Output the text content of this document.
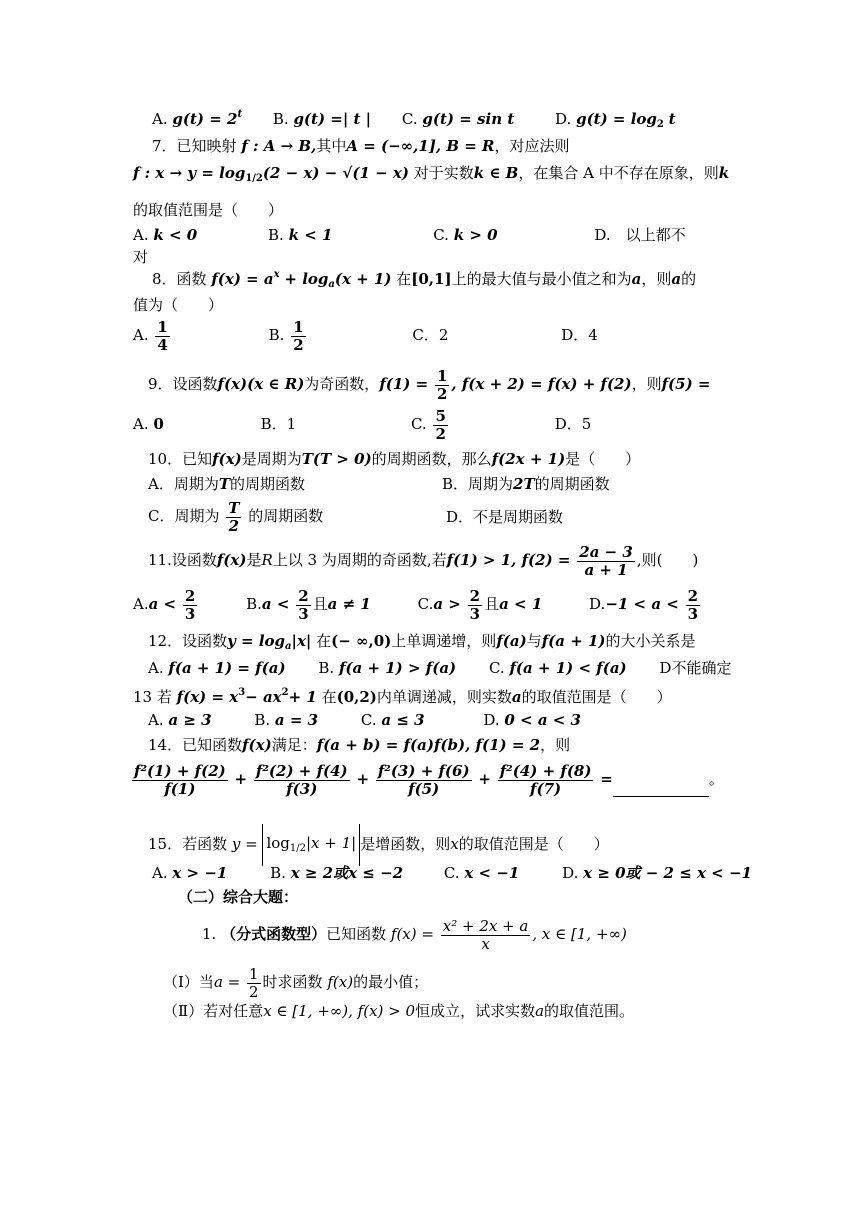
A. $g(t) = 2^t$ B. g(t) =| t | C. g(t) = sin t	D. $g(t) = \log_2 t$
7．已知映射 f : A → B,其中A = (−∞,1], B = R，对应法则
f : $x \to y = \log_{1/2}(2 - x) - √(1 - x)$ 对于实数k ∈ B，在集合 A 中不存在原象，则k
的取值范围是（　　）
A. k < 0	B. k < 1	C. k > 0	D.　以上都不
对
8．函数 $f(x) = a^x + \log_a(x + 1)$ 在[0,1]上的最大值与最小值之和为a，则a的
值为（　　）
A. $\frac{1}{4}$	B. $\frac{1}{2}$	C．2	D．4
9．设函数f(x)(x ∈ R)为奇函数，$f(1) = \frac{1}{2}$ , f(x + 2) = f(x) + f(2)，则f(5) =
A. 0	B．1	C. $\frac{5}{2}$	D．5
10．已知f(x)是周期为T(T > 0)的周期函数，那么f(2x + 1)是（　　）
A．周期为T的周期函数	B．周期为2T的周期函数
C．周期为 $\frac{T}{2}$ 的周期函数	D．不是周期函数
11.设函数f(x)是R上以 3 为周期的奇函数,若f(1) > 1, $f(2) = \frac{2a - 3}{a + 1}$ ,则(　　)
$A.a < \frac{2}{3}$	$B.a < \frac{2}{3}$ 且a ≠ 1	$C.a > \frac{2}{3}$ 且a < 1	$D.-1 < a < \frac{2}{3}$
12．设函数$y = \log_a|x|$ 在(− ∞,0)上单调递增，则f(a)与f(a + 1)的大小关系是
A. f(a + 1) = f(a) B. f(a + 1) > f(a) C. f(a + 1) < f(a) D不能确定
13 若 $f(x) = x^3- ax^2+ 1$ 在(0,2)内单调递减，则实数a的取值范围是（　　）
A. a ≥ 3	B. a = 3	C. a ≤ 3	D. 0 < a < 3
14．已知函数f(x)满足：f(a + b) = f(a)f(b), f(1) = 2，则
$\frac{\text{f²(1) + f(2)}}{f(1)} + \frac{\text{f²(2) + f(4)}}{f(3)} + \frac{\text{f²(3) + f(6)}}{f(5)} + \frac{\text{f²(4) + f(8)}}{f(7)}$ =	。
15．若函数 $y = \log_{1/2}|x + 1|$ 是增函数，则x的取值范围是（　　）
A. x > −1	B. x ≥ 2或x ≤ −2	C. x < −1	D. x ≥ 0或 − 2 ≤ x < −1
（二）综合大题：
1. （分式函数型）已知函数 $f(x) = \frac{\text{x² + 2x + a}}{x}$ , x ∈ [1, +∞)
（Ⅰ）当$a = \frac{1}{2}$ 时求函数 f(x)的最小值；
（Ⅱ）若对任意x ∈ [1, +∞), f(x) > 0恒成立，试求实数a的取值范围。
